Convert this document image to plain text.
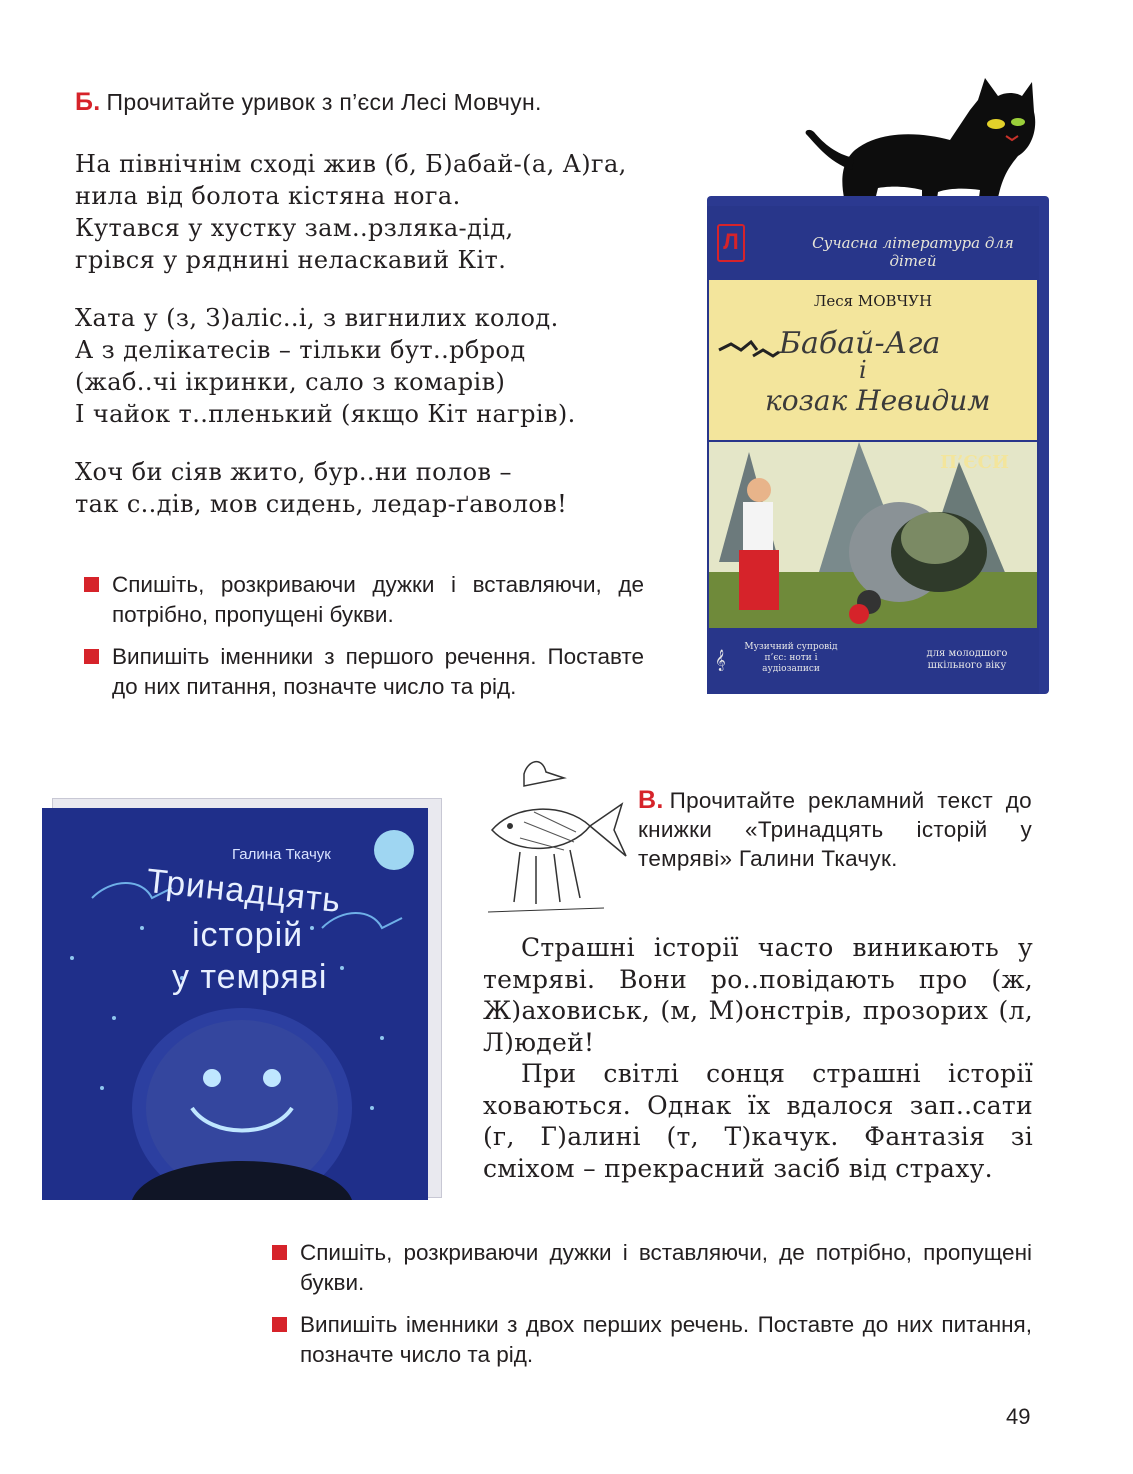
Б. Прочитайте уривок з п’єси Лесі Мовчун.
На північнім сході жив (б, Б)абай-(а, А)га,
нила від болота кістяна нога.
Кутався у хустку зам..рзляка-дід,
грівся у ряднині неласкавий Кіт.
Хата у (з, З)аліс..і, з вигнилих колод.
А з делікатесів – тільки бут..рброд
(жаб..чі ікринки, сало з комарів)
І чайок т..пленький (якщо Кіт нагрів).
Хоч би сіяв жито, бур..ни полов –
так с..дів, мов сидень, ледар-ґаволов!
Спишіть, розкриваючи дужки і вставляючи, де потрібно, пропущені букви.
Випишіть іменники з першого речення. Поставте до них питання, позначте число та рід.
Л	Сучасна література для дітей
Леся МОВЧУН
Бабай-Ага
і
козак Невидим
П’ЄСИ
𝄞
Музичний супровід п’єс: ноти і аудіозаписи
для молодшого шкільного віку
Галина Ткачук
Тринадцять
історій
у темряві
В. Прочитайте рекламний текст до книжки «Тринадцять історій у темряві» Галини Ткачук.

Страшні історії часто виникають у темряві. Вони ро..повідають про (ж, Ж)аховиськ, (м, М)онстрів, прозорих (л, Л)юдей!

При світлі сонця страшні історії ховаються. Однак їх вдалося зап..сати (г, Г)алині (т, Т)качук. Фантазія зі сміхом – прекрасний засіб від страху.

Спишіть, розкриваючи дужки і вставляючи, де потрібно, пропущені букви.
Випишіть іменники з двох перших речень. Поставте до них питання, позначте число та рід.
49
